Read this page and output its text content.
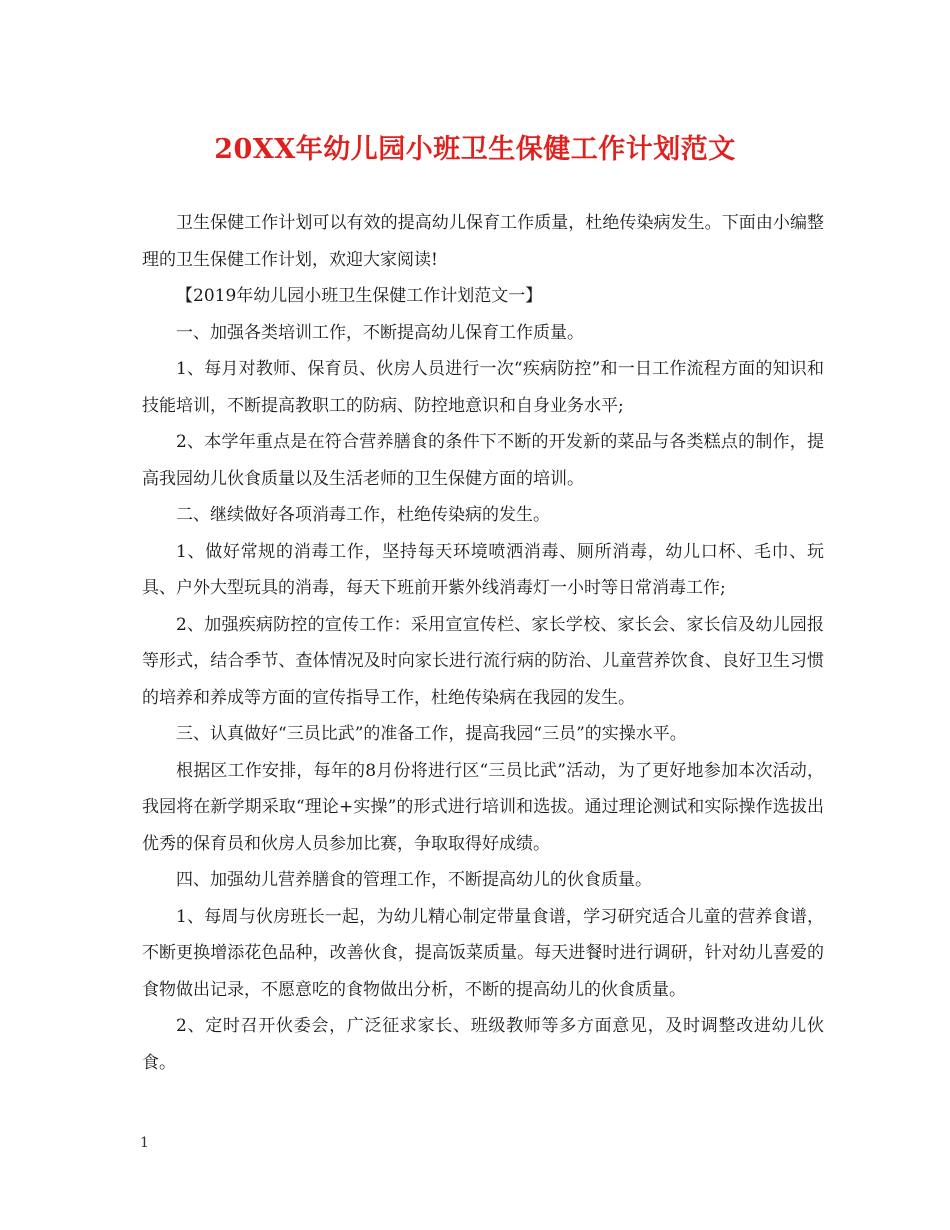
20XX年幼儿园小班卫生保健工作计划范文

卫生保健工作计划可以有效的提高幼儿保育工作质量，杜绝传染病发生。下面由小编整理的卫生保健工作计划，欢迎大家阅读!

【2019年幼儿园小班卫生保健工作计划范文一】

一、加强各类培训工作，不断提高幼儿保育工作质量。

1、每月对教师、保育员、伙房人员进行一次“疾病防控”和一日工作流程方面的知识和技能培训，不断提高教职工的防病、防控地意识和自身业务水平;

2、本学年重点是在符合营养膳食的条件下不断的开发新的菜品与各类糕点的制作，提高我园幼儿伙食质量以及生活老师的卫生保健方面的培训。

二、继续做好各项消毒工作，杜绝传染病的发生。

1、做好常规的消毒工作，坚持每天环境喷洒消毒、厕所消毒，幼儿口杯、毛巾、玩具、户外大型玩具的消毒，每天下班前开紫外线消毒灯一小时等日常消毒工作;

2、加强疾病防控的宣传工作：采用宣宣传栏、家长学校、家长会、家长信及幼儿园报等形式，结合季节、查体情况及时向家长进行流行病的防治、儿童营养饮食、良好卫生习惯的培养和养成等方面的宣传指导工作，杜绝传染病在我园的发生。

三、认真做好“三员比武”的准备工作，提高我园“三员”的实操水平。

根据区工作安排，每年的8月份将进行区“三员比武”活动，为了更好地参加本次活动，我园将在新学期采取“理论+实操”的形式进行培训和选拔。通过理论测试和实际操作选拔出优秀的保育员和伙房人员参加比赛，争取取得好成绩。

四、加强幼儿营养膳食的管理工作，不断提高幼儿的伙食质量。

1、每周与伙房班长一起，为幼儿精心制定带量食谱，学习研究适合儿童的营养食谱，不断更换增添花色品种，改善伙食，提高饭菜质量。每天进餐时进行调研，针对幼儿喜爱的食物做出记录，不愿意吃的食物做出分析，不断的提高幼儿的伙食质量。

2、定时召开伙委会，广泛征求家长、班级教师等多方面意见，及时调整改进幼儿伙食。

1
